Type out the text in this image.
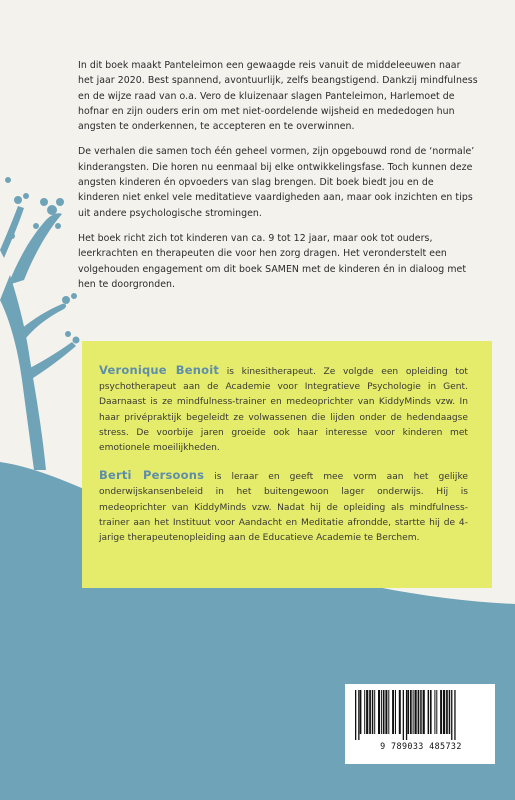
In dit boek maakt Panteleimon een gewaagde reis vanuit de middeleeuwen naar het jaar 2020. Best spannend, avontuurlijk, zelfs beangstigend. Dankzij mindfulness en de wijze raad van o.a. Vero de kluizenaar slagen Panteleimon, Harlemoet de hofnar en zijn ouders erin om met niet-oordelende wijsheid en mededogen hun angsten te onderkennen, te accepteren en te overwinnen.

De verhalen die samen toch één geheel vormen, zijn opgebouwd rond de ‘normale’ kinderangsten. Die horen nu eenmaal bij elke ontwikkelingsfase. Toch kunnen deze angsten kinderen én opvoeders van slag brengen. Dit boek biedt jou en de kinderen niet enkel vele meditatieve vaardigheden aan, maar ook inzichten en tips uit andere psychologische stromingen.

Het boek richt zich tot kinderen van ca. 9 tot 12 jaar, maar ook tot ouders, leerkrachten en therapeuten die voor hen zorg dragen. Het veronderstelt een volgehouden engagement om dit boek SAMEN met de kinderen én in dialoog met hen te doorgronden.

Veronique Benoit is kinesitherapeut. Ze volgde een opleiding tot psychotherapeut aan de Academie voor Integratieve Psychologie in Gent. Daarnaast is ze mindfulness-trainer en medeoprichter van KiddyMinds vzw. In haar privépraktijk begeleidt ze volwassenen die lijden onder de hedendaagse stress. De voorbije jaren groeide ook haar interesse voor kinderen met emotionele moeilijkheden.

Berti Persoons is leraar en geeft mee vorm aan het gelijke onderwijskansenbeleid in het buitengewoon lager onderwijs. Hij is medeoprichter van KiddyMinds vzw. Nadat hij de opleiding als mindfulness-trainer aan het Instituut voor Aandacht en Meditatie afrondde, startte hij de 4-jarige therapeutenopleiding aan de Educatieve Academie te Berchem.

9 789033 485732
